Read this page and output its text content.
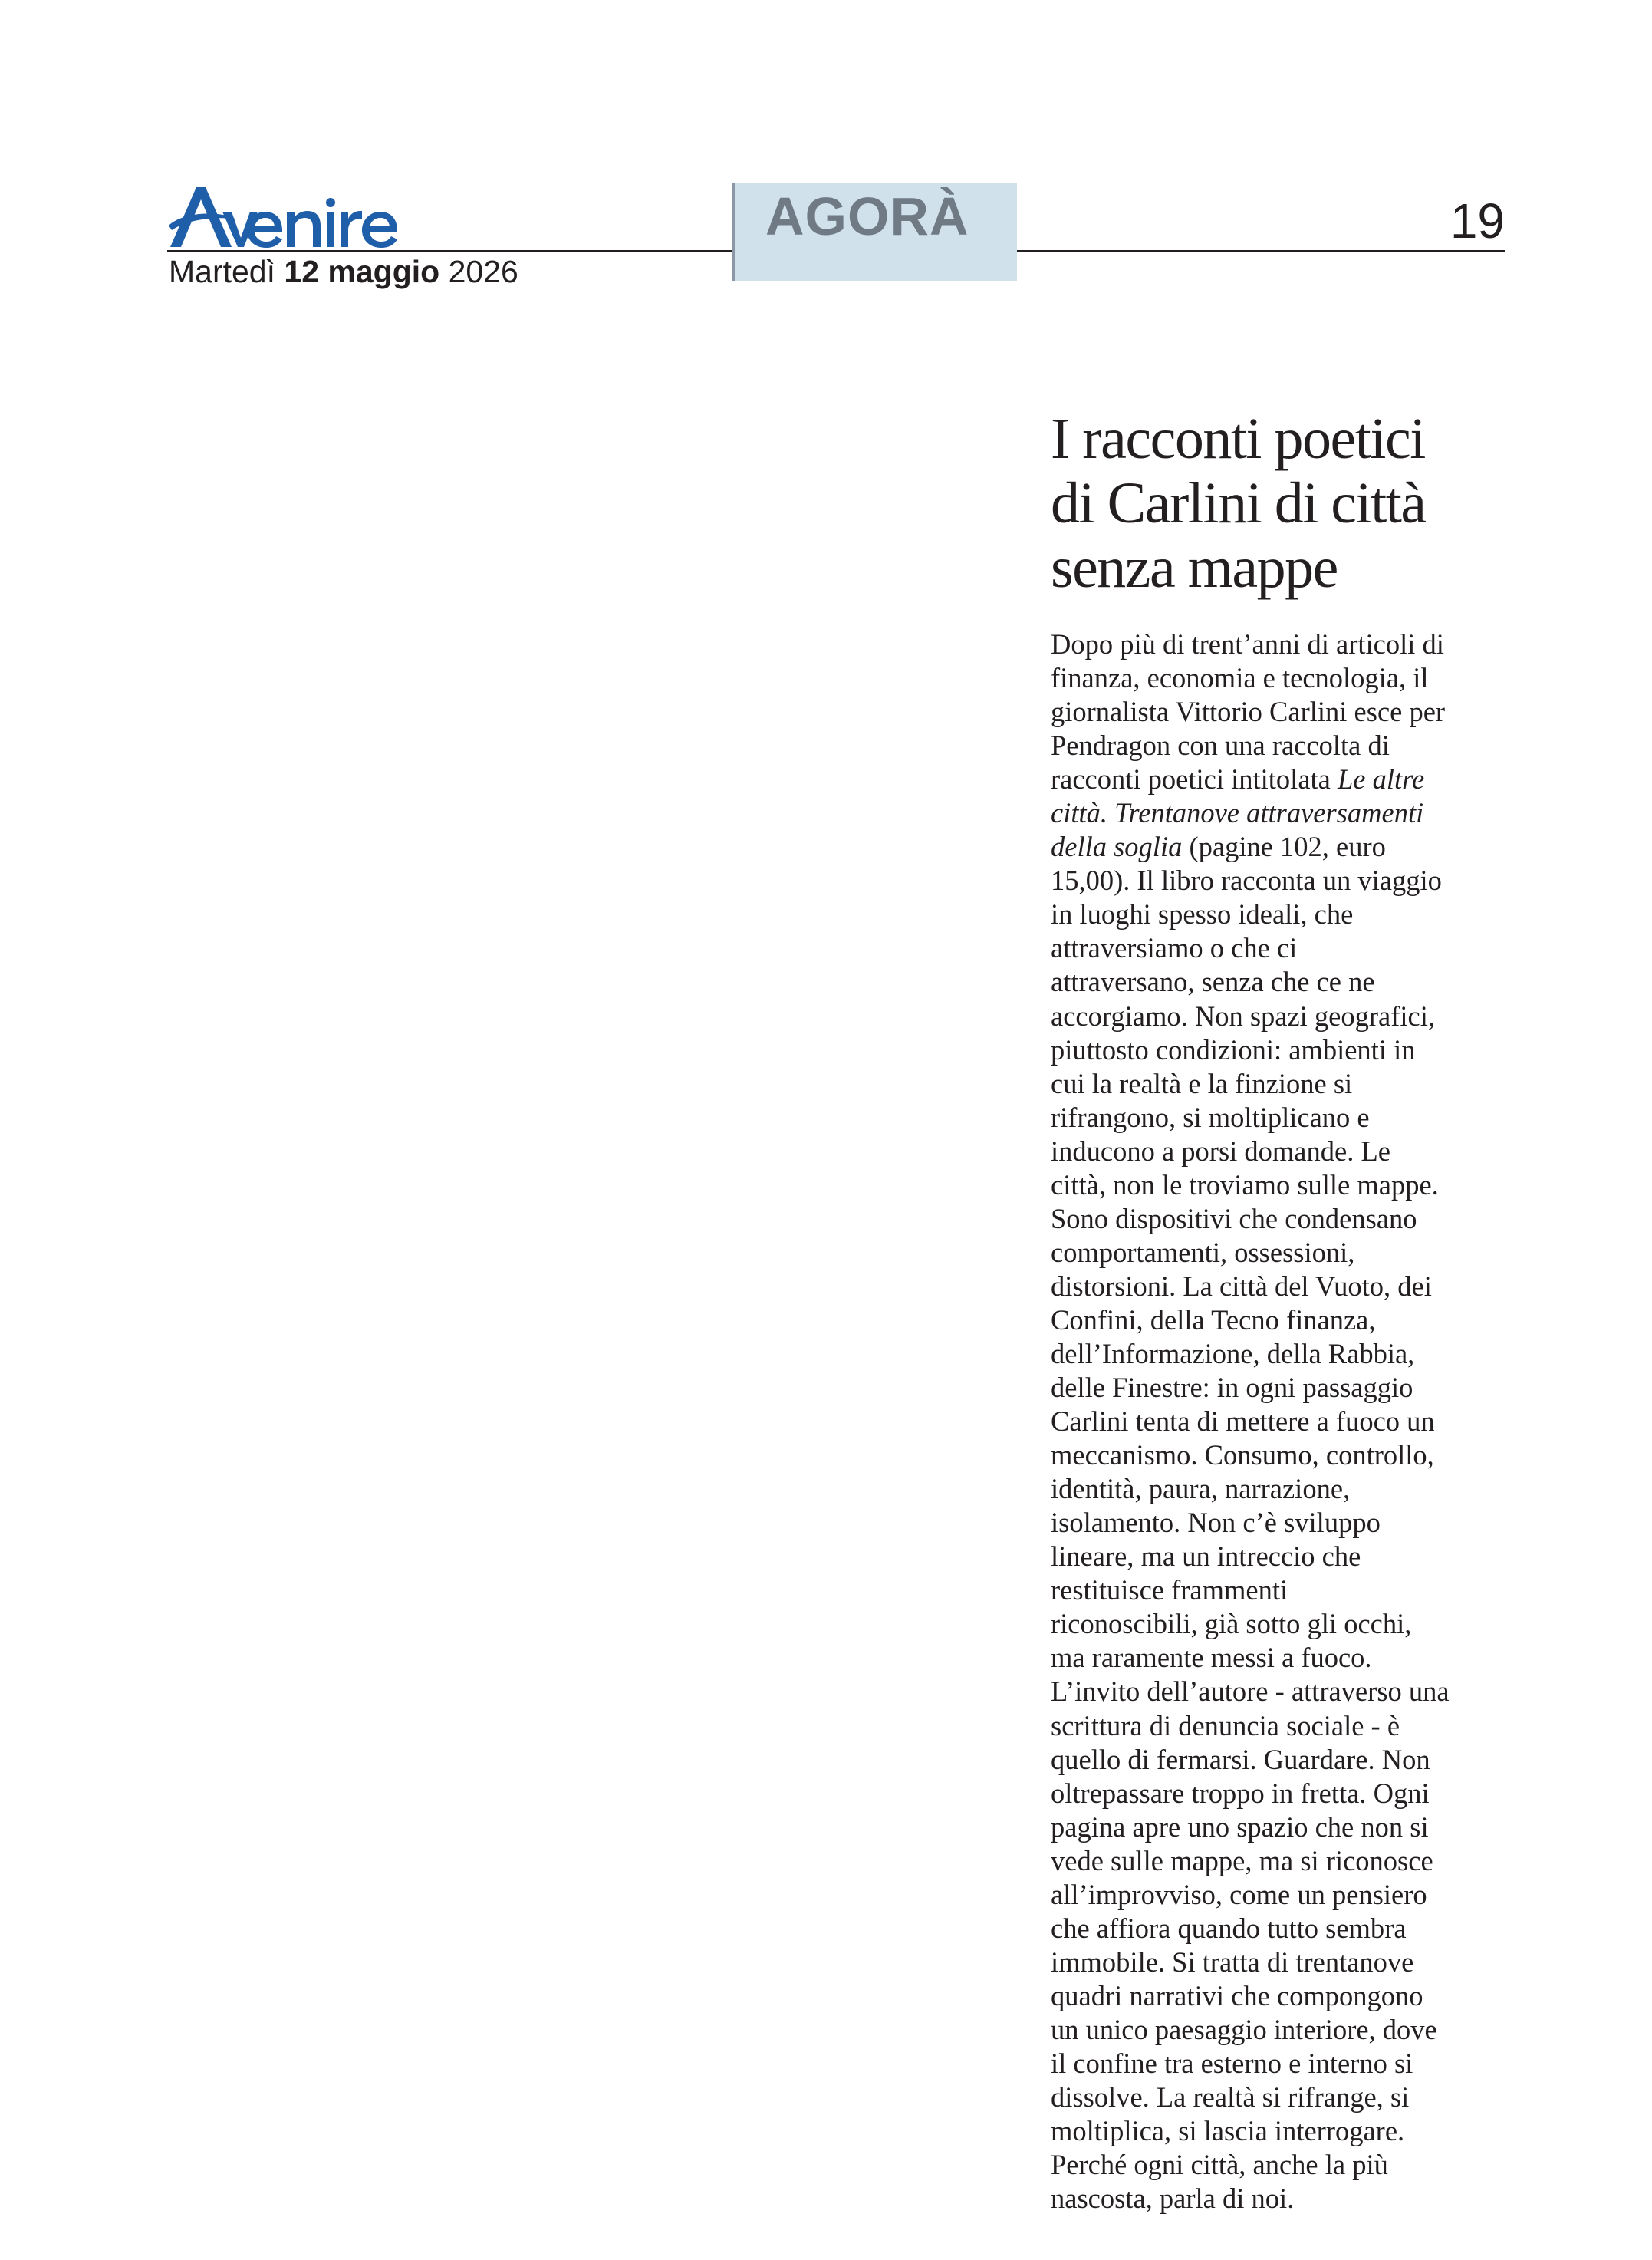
Martedì 12 maggio 2026
AGORÀ	19
I racconti poetici
di Carlini di città
senza mappe
Dopo più di trent’anni di articoli di
finanza, economia e tecnologia, il
giornalista Vittorio Carlini esce per
Pendragon con una raccolta di
racconti poetici intitolata Le altre
città. Trentanove attraversamenti
della soglia (pagine 102, euro
15,00). Il libro racconta un viaggio
in luoghi spesso ideali, che
attraversiamo o che ci
attraversano, senza che ce ne
accorgiamo. Non spazi geografici,
piuttosto condizioni: ambienti in
cui la realtà e la finzione si
rifrangono, si moltiplicano e
inducono a porsi domande. Le
città, non le troviamo sulle mappe.
Sono dispositivi che condensano
comportamenti, ossessioni,
distorsioni. La città del Vuoto, dei
Confini, della Tecno finanza,
dell’Informazione, della Rabbia,
delle Finestre: in ogni passaggio
Carlini tenta di mettere a fuoco un
meccanismo. Consumo, controllo,
identità, paura, narrazione,
isolamento. Non c’è sviluppo
lineare, ma un intreccio che
restituisce frammenti
riconoscibili, già sotto gli occhi,
ma raramente messi a fuoco.
L’invito dell’autore - attraverso una
scrittura di denuncia sociale - è
quello di fermarsi. Guardare. Non
oltrepassare troppo in fretta. Ogni
pagina apre uno spazio che non si
vede sulle mappe, ma si riconosce
all’improvviso, come un pensiero
che affiora quando tutto sembra
immobile. Si tratta di trentanove
quadri narrativi che compongono
un unico paesaggio interiore, dove
il confine tra esterno e interno si
dissolve. La realtà si rifrange, si
moltiplica, si lascia interrogare.
Perché ogni città, anche la più
nascosta, parla di noi.
